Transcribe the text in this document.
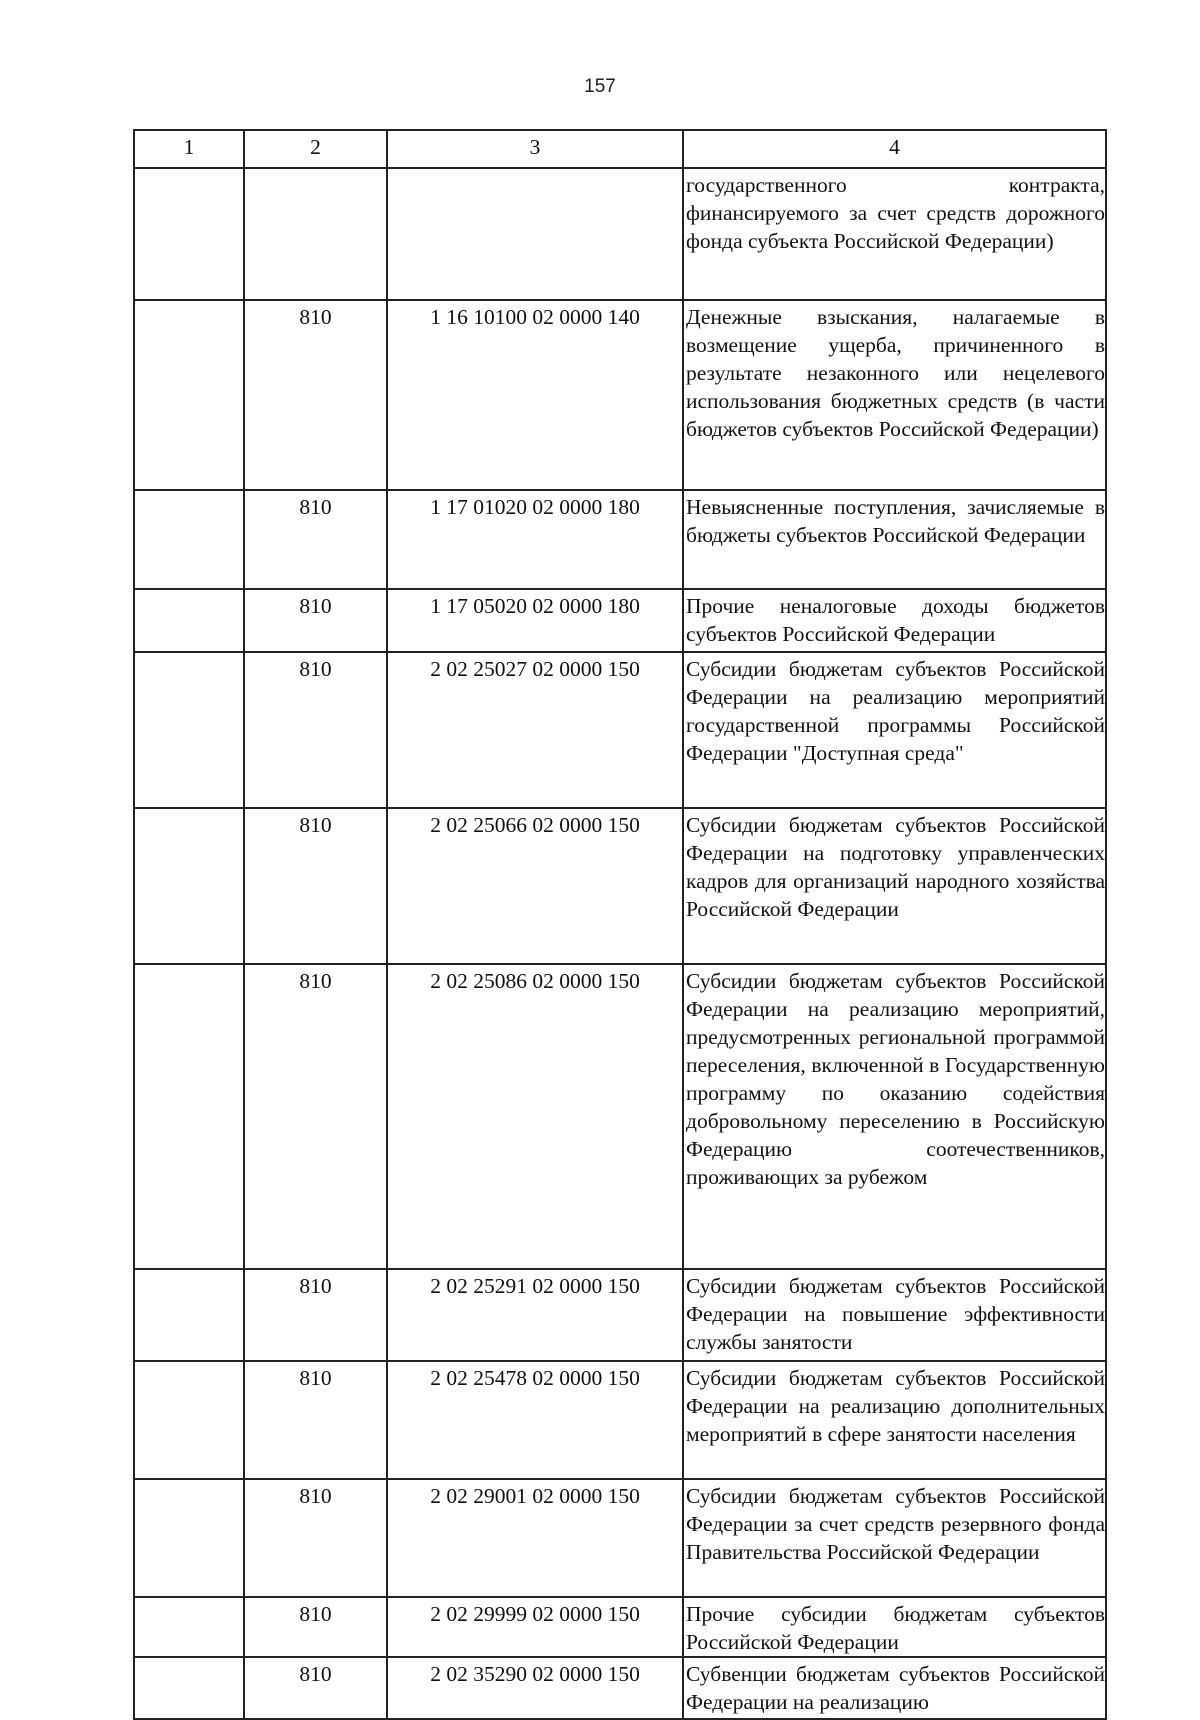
157
1	2	3	4
			государственного контракта, финансируемого за счет средств дорожного фонда субъекта Российской Федерации)
	810	1 16 10100 02 0000 140	Денежные взыскания, налагаемые в возмещение ущерба, причиненного в результате незаконного или нецелевого использования бюджетных средств (в части бюджетов субъектов Российской Федерации)
	810	1 17 01020 02 0000 180	Невыясненные поступления, зачисляемые в бюджеты субъектов Российской Федерации
	810	1 17 05020 02 0000 180	Прочие неналоговые доходы бюджетов субъектов Российской Федерации
	810	2 02 25027 02 0000 150	Субсидии бюджетам субъектов Российской Федерации на реализацию мероприятий государственной программы Российской Федерации "Доступная среда"
	810	2 02 25066 02 0000 150	Субсидии бюджетам субъектов Российской Федерации на подготовку управленческих кадров для организаций народного хозяйства Российской Федерации
	810	2 02 25086 02 0000 150	Субсидии бюджетам субъектов Российской Федерации на реализацию мероприятий, предусмотренных региональной программой переселения, включенной в Государственную программу по оказанию содействия добровольному переселению в Российскую Федерацию соотечественников, проживающих за рубежом
	810	2 02 25291 02 0000 150	Субсидии бюджетам субъектов Российской Федерации на повышение эффективности службы занятости
	810	2 02 25478 02 0000 150	Субсидии бюджетам субъектов Российской Федерации на реализацию дополнительных мероприятий в сфере занятости населения
	810	2 02 29001 02 0000 150	Субсидии бюджетам субъектов Российской Федерации за счет средств резервного фонда Правительства Российской Федерации
	810	2 02 29999 02 0000 150	Прочие субсидии бюджетам субъектов Российской Федерации
	810	2 02 35290 02 0000 150	Субвенции бюджетам субъектов Российской Федерации на реализацию
